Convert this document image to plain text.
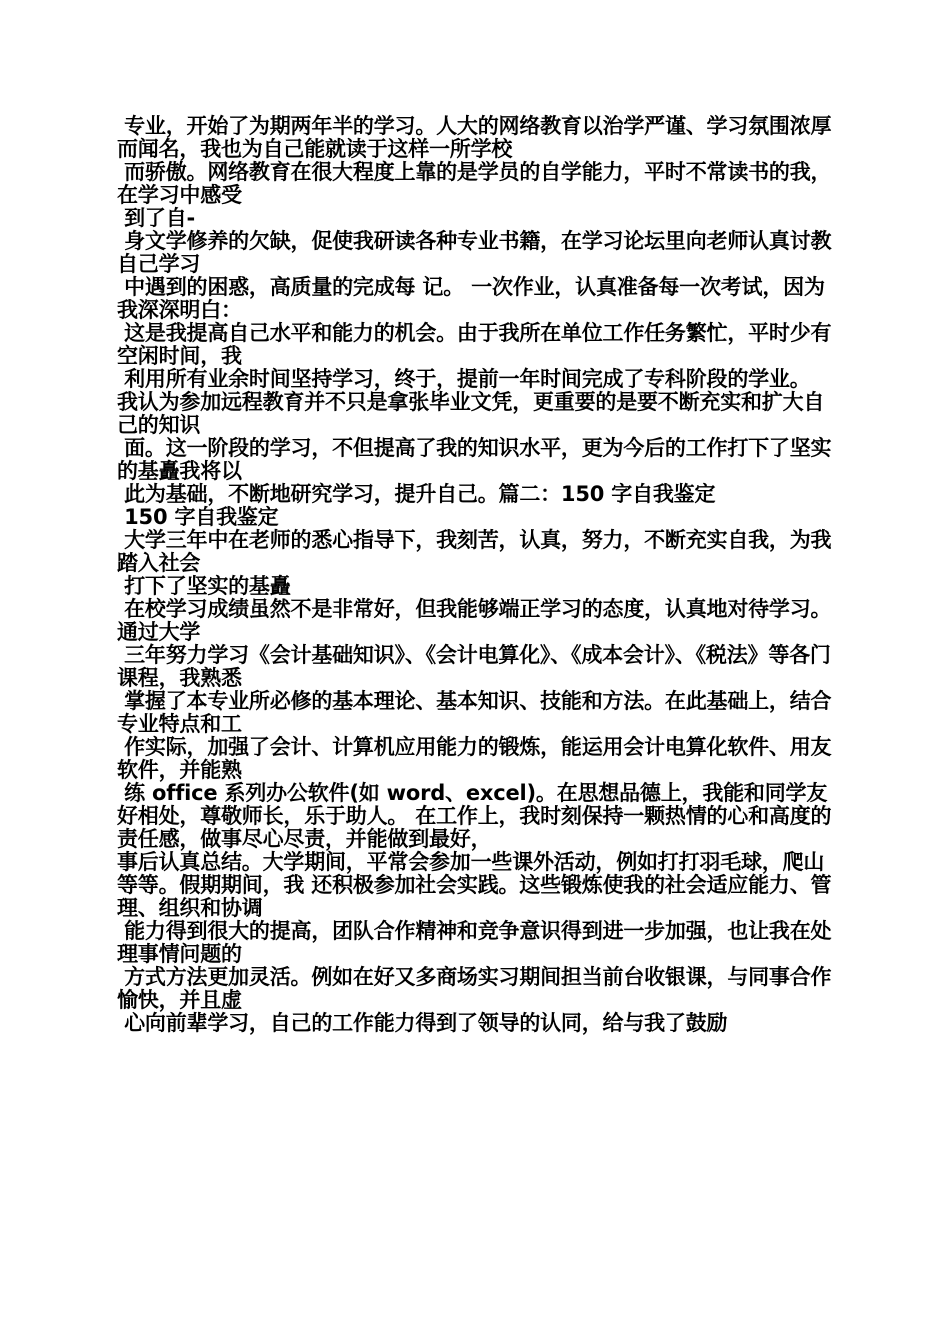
专业，开始了为期两年半的学习。人大的网络教育以治学严谨、学习氛围浓厚而闻名，我也为自己能就读于这样一所学校

而骄傲。网络教育在很大程度上靠的是学员的自学能力，平时不常读书的我，在学习中感受

到了自-

身文学修养的欠缺，促使我研读各种专业书籍，在学习论坛里向老师认真讨教自己学习

中遇到的困惑，高质量的完成每 记。 一次作业，认真准备每一次考试，因为我深深明白：

这是我提高自己水平和能力的机会。由于我所在单位工作任务繁忙，平时少有空闲时间，我

利用所有业余时间坚持学习，终于，提前一年时间完成了专科阶段的学业。  我认为参加远程教育并不只是拿张毕业文凭，更重要的是要不断充实和扩大自己的知识

面。这一阶段的学习，不但提高了我的知识水平，更为今后的工作打下了坚实的基矗我将以

此为基础，不断地研究学习，提升自己。篇二：150 字自我鉴定

150 字自我鉴定

大学三年中在老师的悉心指导下，我刻苦，认真，努力，不断充实自我，为我踏入社会

打下了坚实的基矗

在校学习成绩虽然不是非常好，但我能够端正学习的态度，认真地对待学习。通过大学

三年努力学习《会计基础知识》、《会计电算化》、《成本会计》、《税法》等各门课程，我熟悉

掌握了本专业所必修的基本理论、基本知识、技能和方法。在此基础上，结合专业特点和工

作实际，加强了会计、计算机应用能力的锻炼，能运用会计电算化软件、用友软件，并能熟

练 office 系列办公软件(如 word、excel)。在思想品德上，我能和同学友好相处，尊敬师长，乐于助人。 在工作上，我时刻保持一颗热情的心和高度的责任感，做事尽心尽责，并能做到最好，

事后认真总结。大学期间，平常会参加一些课外活动，例如打打羽毛球，爬山等等。假期期间，我 还积极参加社会实践。这些锻炼使我的社会适应能力、管理、组织和协调

能力得到很大的提高，团队合作精神和竞争意识得到进一步加强，也让我在处理事情问题的

方式方法更加灵活。例如在好又多商场实习期间担当前台收银课，与同事合作愉快，并且虚

心向前辈学习，自己的工作能力得到了领导的认同，给与我了鼓励
